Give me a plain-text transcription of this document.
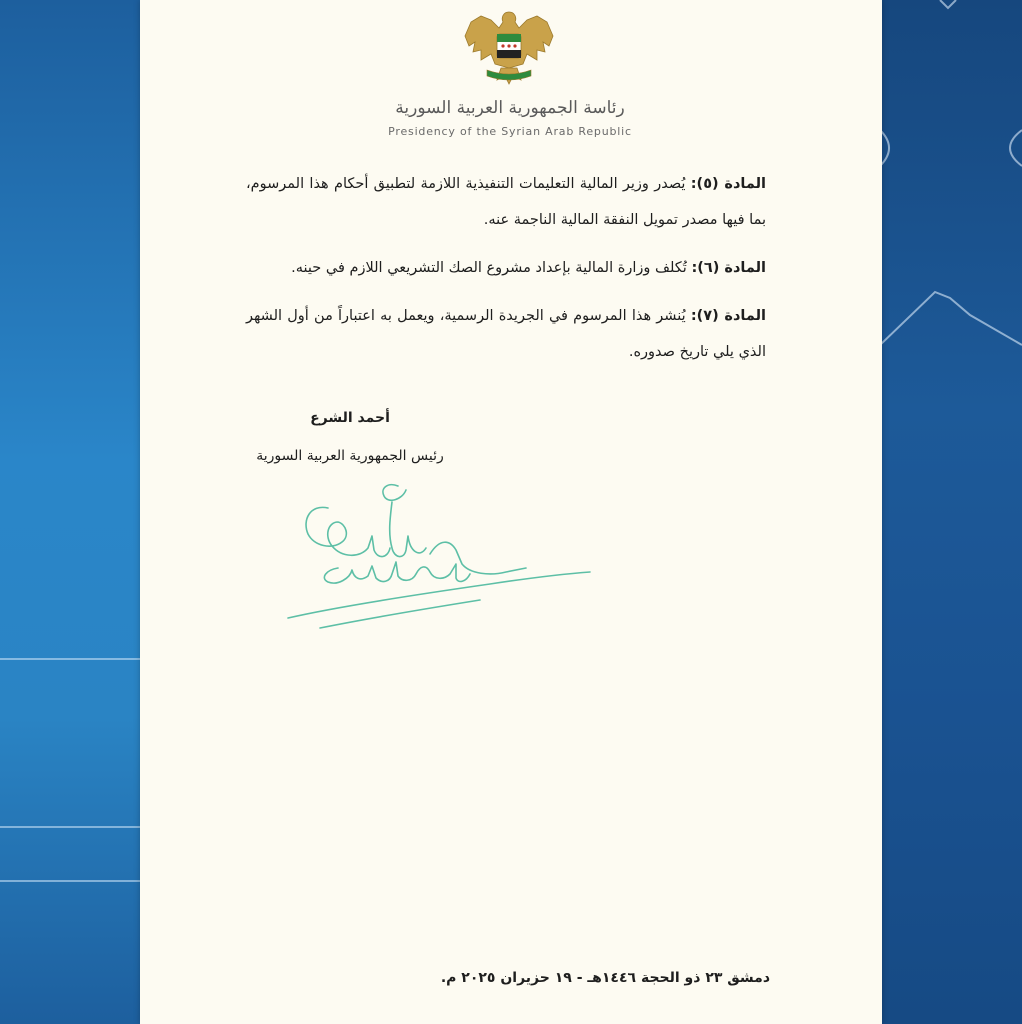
رئاسة الجمهورية العربية السورية
Presidency of the Syrian Arab Republic

المادة (٥): يُصدر وزير المالية التعليمات التنفيذية اللازمة لتطبيق أحكام هذا المرسوم، بما فيها مصدر تمويل النفقة المالية الناجمة عنه.

المادة (٦): تُكلف وزارة المالية بإعداد مشروع الصك التشريعي اللازم في حينه.

المادة (٧): يُنشر هذا المرسوم في الجريدة الرسمية، ويعمل به اعتباراً من أول الشهر الذي يلي تاريخ صدوره.

أحمد الشرع
رئيس الجمهورية العربية السورية
دمشق ٢٣ ذو الحجة ١٤٤٦هـ - ١٩ حزيران ٢٠٢٥ م.
